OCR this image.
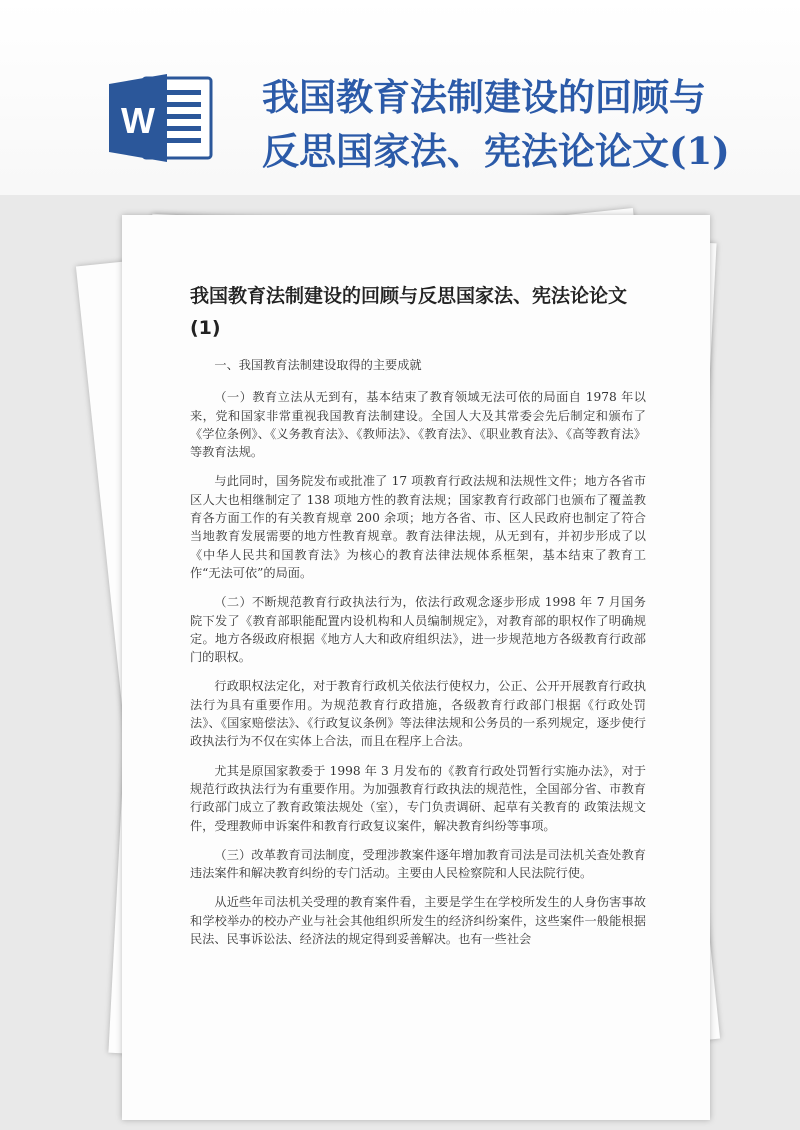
W
我国教育法制建设的回顾与反思国家法、宪法论论文(1)
我国教育法制建设的回顾与反思国家法、宪法论论文(1)

一、我国教育法制建设取得的主要成就

（一）教育立法从无到有，基本结束了教育领域无法可依的局面自 1978 年以来，党和国家非常重视我国教育法制建设。全国人大及其常委会先后制定和颁布了《学位条例》、《义务教育法》、《教师法》、《教育法》、《职业教育法》、《高等教育法》等教育法规。

与此同时，国务院发布或批准了 17 项教育行政法规和法规性文件；地方各省市区人大也相继制定了 138 项地方性的教育法规；国家教育行政部门也颁布了覆盖教育各方面工作的有关教育规章 200 余项；地方各省、市、区人民政府也制定了符合当地教育发展需要的地方性教育规章。教育法律法规，从无到有，并初步形成了以《中华人民共和国教育法》为核心的教育法律法规体系框架，基本结束了教育工作“无法可依”的局面。

（二）不断规范教育行政执法行为，依法行政观念逐步形成 1998 年 7 月国务院下发了《教育部职能配置内设机构和人员编制规定》，对教育部的职权作了明确规定。地方各级政府根据《地方人大和政府组织法》，进一步规范地方各级教育行政部门的职权。

行政职权法定化，对于教育行政机关依法行使权力，公正、公开开展教育行政执法行为具有重要作用。为规范教育行政措施，各级教育行政部门根据《行政处罚法》、《国家赔偿法》、《行政复议条例》等法律法规和公务员的一系列规定，逐步使行政执法行为不仅在实体上合法，而且在程序上合法。

尤其是原国家教委于 1998 年 3 月发布的《教育行政处罚暂行实施办法》，对于规范行政执法行为有重要作用。为加强教育行政执法的规范性，全国部分省、市教育行政部门成立了教育政策法规处（室），专门负责调研、起草有关教育的 政策法规文件，受理教师申诉案件和教育行政复议案件，解决教育纠纷等事项。

（三）改革教育司法制度，受理涉教案件逐年增加教育司法是司法机关查处教育违法案件和解决教育纠纷的专门活动。主要由人民检察院和人民法院行使。

从近些年司法机关受理的教育案件看，主要是学生在学校所发生的人身伤害事故和学校举办的校办产业与社会其他组织所发生的经济纠纷案件，这些案件一般能根据民法、民事诉讼法、经济法的规定得到妥善解决。也有一些社会
